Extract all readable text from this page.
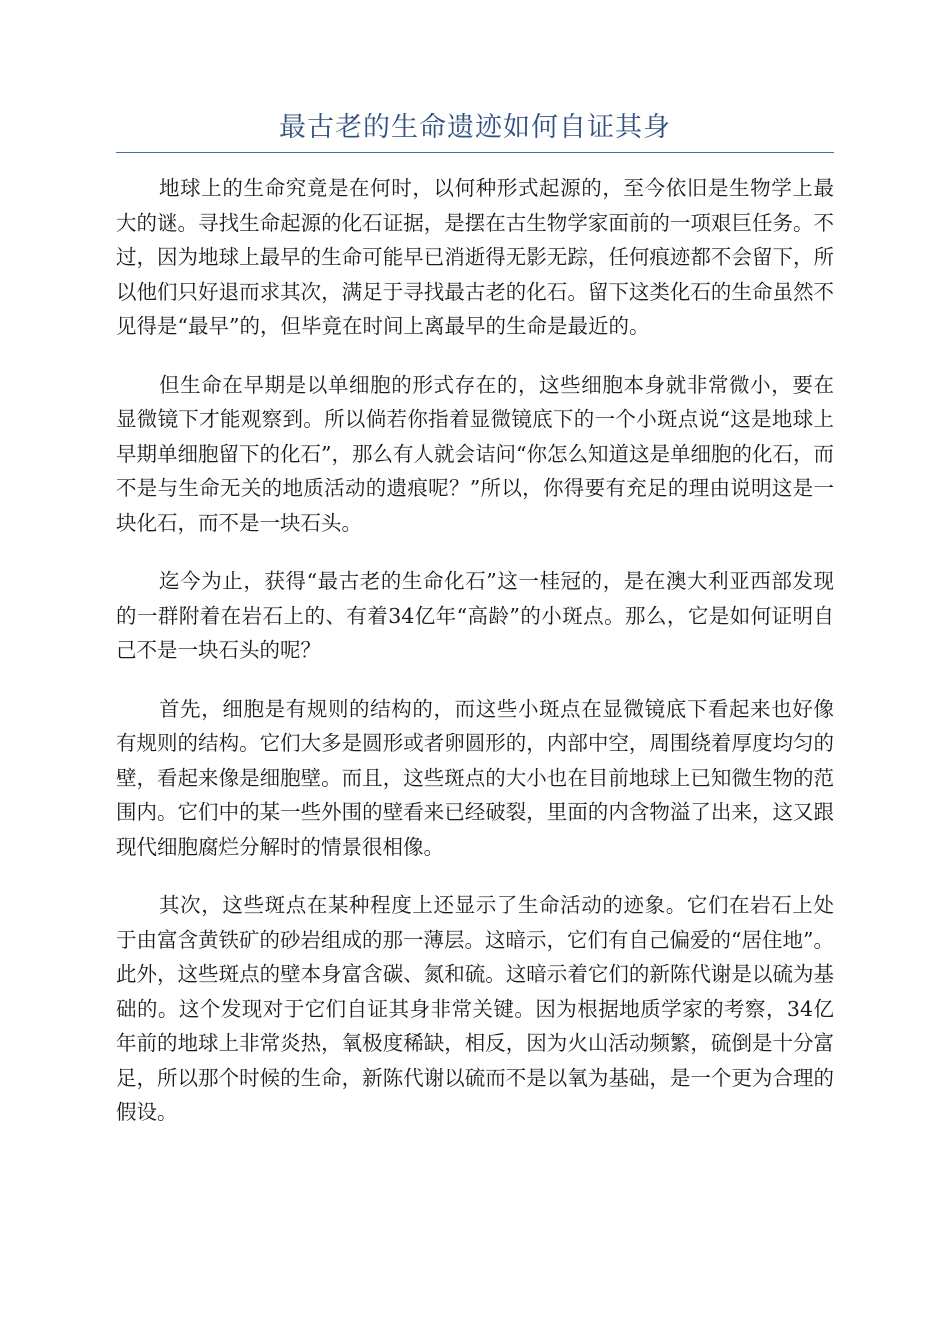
最古老的生命遗迹如何自证其身

地球上的生命究竟是在何时，以何种形式起源的，至今依旧是生物学上最大的谜。寻找生命起源的化石证据，是摆在古生物学家面前的一项艰巨任务。不过，因为地球上最早的生命可能早已消逝得无影无踪，任何痕迹都不会留下，所以他们只好退而求其次，满足于寻找最古老的化石。留下这类化石的生命虽然不见得是“最早”的，但毕竟在时间上离最早的生命是最近的。

但生命在早期是以单细胞的形式存在的，这些细胞本身就非常微小，要在显微镜下才能观察到。所以倘若你指着显微镜底下的一个小斑点说“这是地球上早期单细胞留下的化石”，那么有人就会诘问“你怎么知道这是单细胞的化石，而不是与生命无关的地质活动的遗痕呢？”所以，你得要有充足的理由说明这是一块化石，而不是一块石头。

迄今为止，获得“最古老的生命化石”这一桂冠的，是在澳大利亚西部发现的一群附着在岩石上的、有着34亿年“高龄”的小斑点。那么，它是如何证明自己不是一块石头的呢？

首先，细胞是有规则的结构的，而这些小斑点在显微镜底下看起来也好像有规则的结构。它们大多是圆形或者卵圆形的，内部中空，周围绕着厚度均匀的壁，看起来像是细胞壁。而且，这些斑点的大小也在目前地球上已知微生物的范围内。它们中的某一些外围的壁看来已经破裂，里面的内含物溢了出来，这又跟现代细胞腐烂分解时的情景很相像。

其次，这些斑点在某种程度上还显示了生命活动的迹象。它们在岩石上处于由富含黄铁矿的砂岩组成的那一薄层。这暗示，它们有自己偏爱的“居住地”。此外，这些斑点的壁本身富含碳、氮和硫。这暗示着它们的新陈代谢是以硫为基础的。这个发现对于它们自证其身非常关键。因为根据地质学家的考察，34亿年前的地球上非常炎热，氧极度稀缺，相反，因为火山活动频繁，硫倒是十分富足，所以那个时候的生命，新陈代谢以硫而不是以氧为基础，是一个更为合理的假设。
